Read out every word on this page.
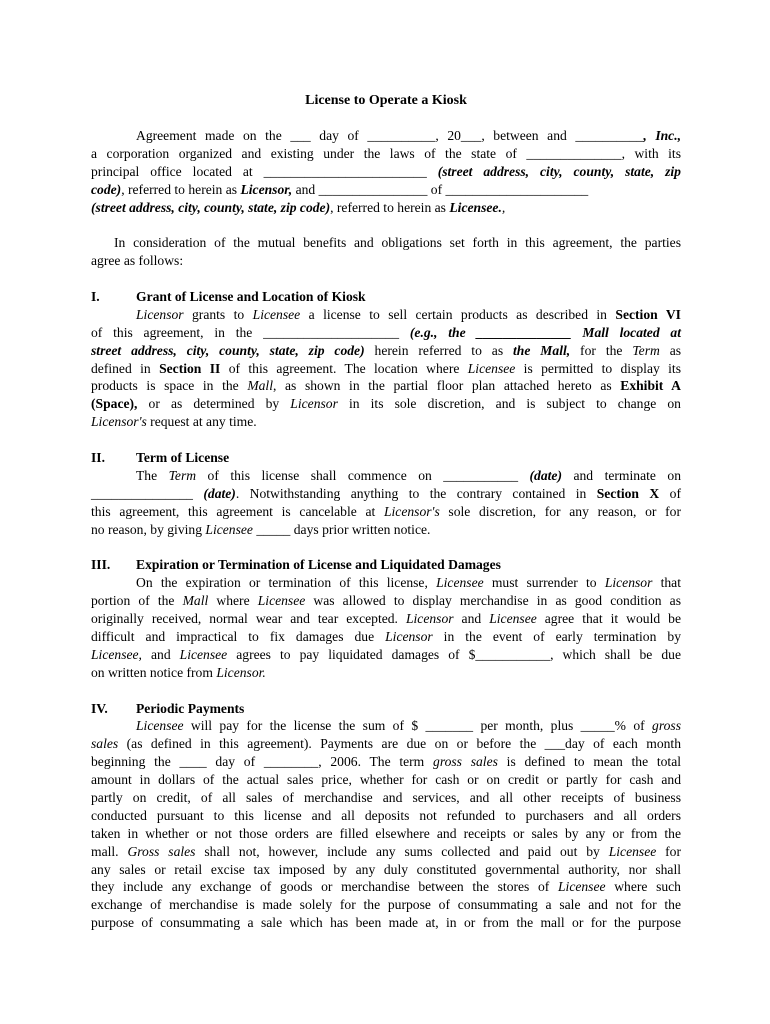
License to Operate a Kiosk
Agreement made on the ___ day of __________, 20___, between and __________, Inc.,
a corporation organized and existing under the laws of the state of ______________, with its
principal office located at ________________________ (street address, city, county, state, zip
code), referred to herein as Licensor, and ________________ of _____________________
(street address, city, county, state, zip code), referred to herein as Licensee.,
In consideration of the mutual benefits and obligations set forth in this agreement, the parties
agree as follows:
I.	Grant of License and Location of Kiosk
Licensor grants to Licensee a license to sell certain products as described in Section VI
of this agreement, in the ____________________ (e.g., the ______________ Mall located at
street address, city, county, state, zip code) herein referred to as the Mall, for the Term as
defined in Section II of this agreement. The location where Licensee is permitted to display its
products is space in the Mall, as shown in the partial floor plan attached hereto as Exhibit A
(Space), or as determined by Licensor in its sole discretion, and is subject to change on
Licensor's request at any time.
II. Term of License
The Term of this license shall commence on ___________ (date) and terminate on
_______________ (date). Notwithstanding anything to the contrary contained in Section X of
this agreement, this agreement is cancelable at Licensor's sole discretion, for any reason, or for
no reason, by giving Licensee _____ days prior written notice.
III. Expiration or Termination of License and Liquidated Damages
On the expiration or termination of this license, Licensee must surrender to Licensor that
portion of the Mall where Licensee was allowed to display merchandise in as good condition as
originally received, normal wear and tear excepted. Licensor and Licensee agree that it would be
difficult and impractical to fix damages due Licensor in the event of early termination by
Licensee, and Licensee agrees to pay liquidated damages of $___________, which shall be due
on written notice from Licensor.
IV. Periodic Payments
Licensee will pay for the license the sum of $ _______ per month, plus _____% of gross
sales (as defined in this agreement). Payments are due on or before the ___day of each month
beginning the ____ day of ________, 2006. The term gross sales is defined to mean the total
amount in dollars of the actual sales price, whether for cash or on credit or partly for cash and
partly on credit, of all sales of merchandise and services, and all other receipts of business
conducted pursuant to this license and all deposits not refunded to purchasers and all orders
taken in whether or not those orders are filled elsewhere and receipts or sales by any or from the
mall. Gross sales shall not, however, include any sums collected and paid out by Licensee for
any sales or retail excise tax imposed by any duly constituted governmental authority, nor shall
they include any exchange of goods or merchandise between the stores of Licensee where such
exchange of merchandise is made solely for the purpose of consummating a sale and not for the
purpose of consummating a sale which has been made at, in or from the mall or for the purpose
